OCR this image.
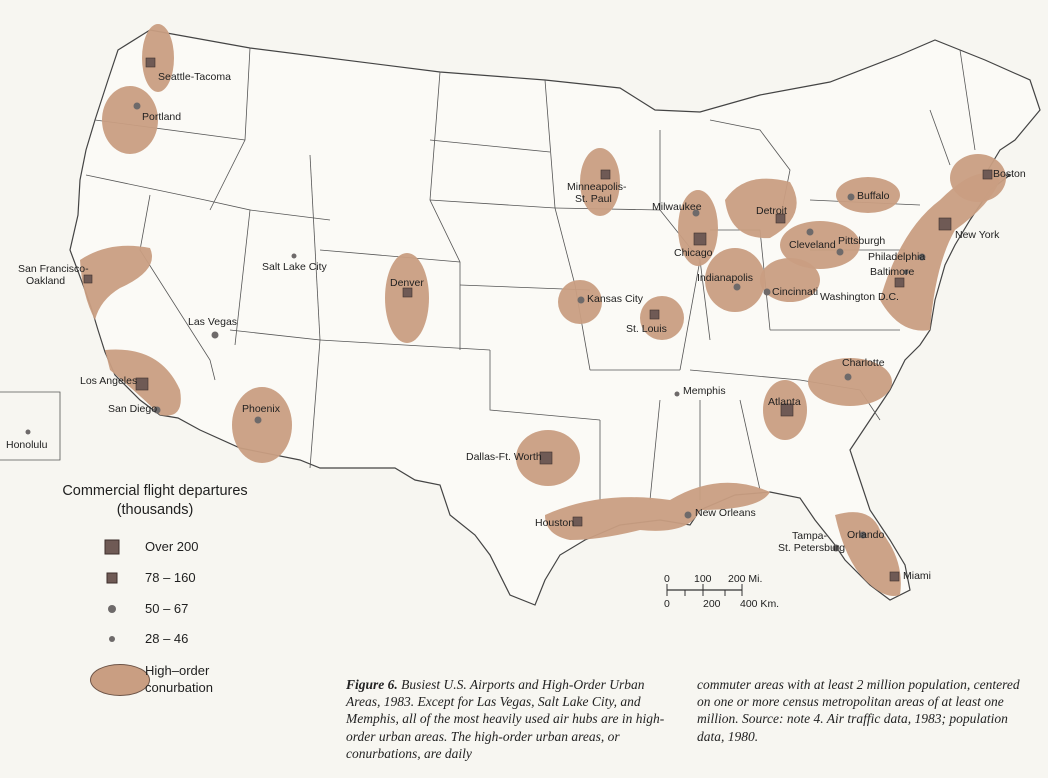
Seattle-Tacoma
Portland
San Francisco-Oakland
Salt Lake City
Las Vegas
Los Angeles
San Diego	Phoenix
Denver
Honolulu
Minneapolis-St. Paul
Kansas City
St. Louis
Dallas-Ft. Worth
Houston
New Orleans
Milwaukee
Chicago
Indianapolis
Detroit
Cincinnati
Cleveland Pittsburgh
Buffalo
Boston
New York
Philadelphia
Baltimore
Washington D.C.
Memphis
Atlanta
Charlotte
Tampa-St. Petersburg
Orlando
Miami
0 100 200 Mi.
0	200 400 Km.
Commercial flight departures (thousands)
Over 200
78 – 160
50 – 67
28 – 46
High–order conurbation	Figure 6. Busiest U.S. Airports and High-Order Urban Areas, 1983. Except for Las Vegas, Salt Lake City, and Memphis, all of the most heavily used air hubs are in high-order urban areas. The high-order urban areas, or conurbations, are daily
commuter areas with at least 2 million population, centered on one or more census metropolitan areas of at least one million. Source: note 4. Air traffic data, 1983; population data, 1980.
